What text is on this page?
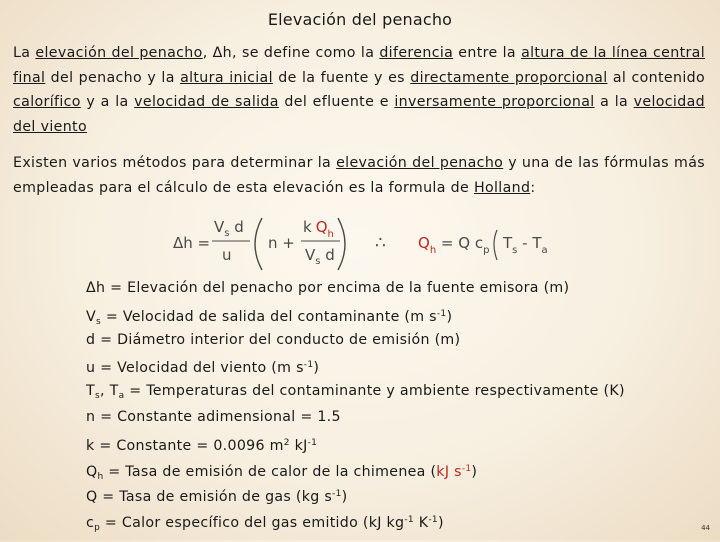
Elevación del penacho
La elevación del penacho, Δh, se define como la diferencia entre la altura de la línea central final del penacho y la altura inicial de la fuente y es directamente proporcional al contenido calorífico y a la velocidad de salida del efluente e inversamente proporcional a la velocidad del viento
Existen varios métodos para determinar la elevación del penacho y una de las fórmulas más empleadas para el cálculo de esta elevación es la formula de Holland:
Δh =
$V_s$ d
u
n +
k $Q_h$
$V_s$ d
∴ $Q_h = Q$ $c_p$ $T_s - T_a$
Δh = Elevación del penacho por encima de la fuente emisora (m)
$V_s$ = Velocidad de salida del contaminante (m $s^{-1}$)
d = Diámetro interior del conducto de emisión (m)
u = Velocidad del viento (m $s^{-1}$)
$T_s$, $T_a$ = Temperaturas del contaminante y ambiente respectivamente (K)
n = Constante adimensional = 1.5
k = Constante = 0.0096 $m^2$ $kJ^{-1}$
$Q_h$ = Tasa de emisión de calor de la chimenea (kJ $s^{-1}$)
Q = Tasa de emisión de gas (kg $s^{-1}$)
$c_p$ = Calor específico del gas emitido (kJ $kg^{-1}$ $K^{-1}$)	44
